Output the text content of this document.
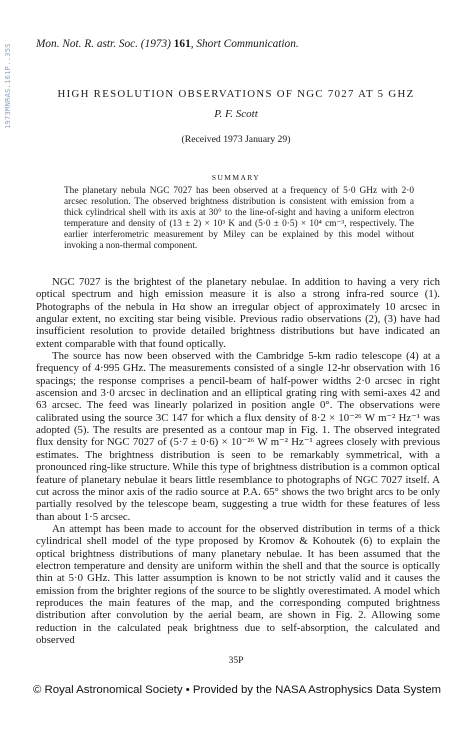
1973MNRAS.161P..35S	Mon. Not. R. astr. Soc. (1973) 161, Short Communication.
HIGH RESOLUTION OBSERVATIONS OF NGC 7027 AT 5 GHZ
P. F. Scott
(Received 1973 January 29)
SUMMARY
The planetary nebula NGC 7027 has been observed at a frequency of 5·0 GHz with 2·0 arcsec resolution. The observed brightness distribution is consistent with emission from a thick cylindrical shell with its axis at 30° to the line-of-sight and having a uniform electron temperature and density of (13 ± 2) × 10³ K and (5·0 ± 0·5) × 10⁴ cm⁻³, respectively. The earlier interferometric measurement by Miley can be explained by this model without invoking a non-thermal component.

NGC 7027 is the brightest of the planetary nebulae. In addition to having a very rich optical spectrum and high emission measure it is also a strong infra-red source (1). Photographs of the nebula in Hα show an irregular object of approximately 10 arcsec in angular extent, no exciting star being visible. Previous radio observations (2), (3) have had insufficient resolution to provide detailed brightness distributions but have indicated an extent comparable with that found optically.

The source has now been observed with the Cambridge 5-km radio telescope (4) at a frequency of 4·995 GHz. The measurements consisted of a single 12-hr observation with 16 spacings; the response comprises a pencil-beam of half-power widths 2·0 arcsec in right ascension and 3·0 arcsec in declination and an elliptical grating ring with semi-axes 42 and 63 arcsec. The feed was linearly polarized in position angle 0°. The observations were calibrated using the source 3C 147 for which a flux density of 8·2 × 10⁻²⁶ W m⁻² Hz⁻¹ was adopted (5). The results are presented as a contour map in Fig. 1. The observed integrated flux density for NGC 7027 of (5·7 ± 0·6) × 10⁻²⁶ W m⁻² Hz⁻¹ agrees closely with previous estimates. The brightness distribution is seen to be remarkably symmetrical, with a pronounced ring-like structure. While this type of brightness distribution is a common optical feature of planetary nebulae it bears little resemblance to photographs of NGC 7027 itself. A cut across the minor axis of the radio source at P.A. 65° shows the two bright arcs to be only partially resolved by the telescope beam, suggesting a true width for these features of less than about 1·5 arcsec.

An attempt has been made to account for the observed distribution in terms of a thick cylindrical shell model of the type proposed by Kromov & Kohoutek (6) to explain the optical brightness distributions of many planetary nebulae. It has been assumed that the electron temperature and density are uniform within the shell and that the source is optically thin at 5·0 GHz. This latter assumption is known to be not strictly valid and it causes the emission from the brighter regions of the source to be slightly overestimated. A model which reproduces the main features of the map, and the corresponding computed brightness distribution after convolution by the aerial beam, are shown in Fig. 2. Allowing some reduction in the calculated peak brightness due to self-absorption, the calculated and observed

35P
© Royal Astronomical Society • Provided by the NASA Astrophysics Data System
